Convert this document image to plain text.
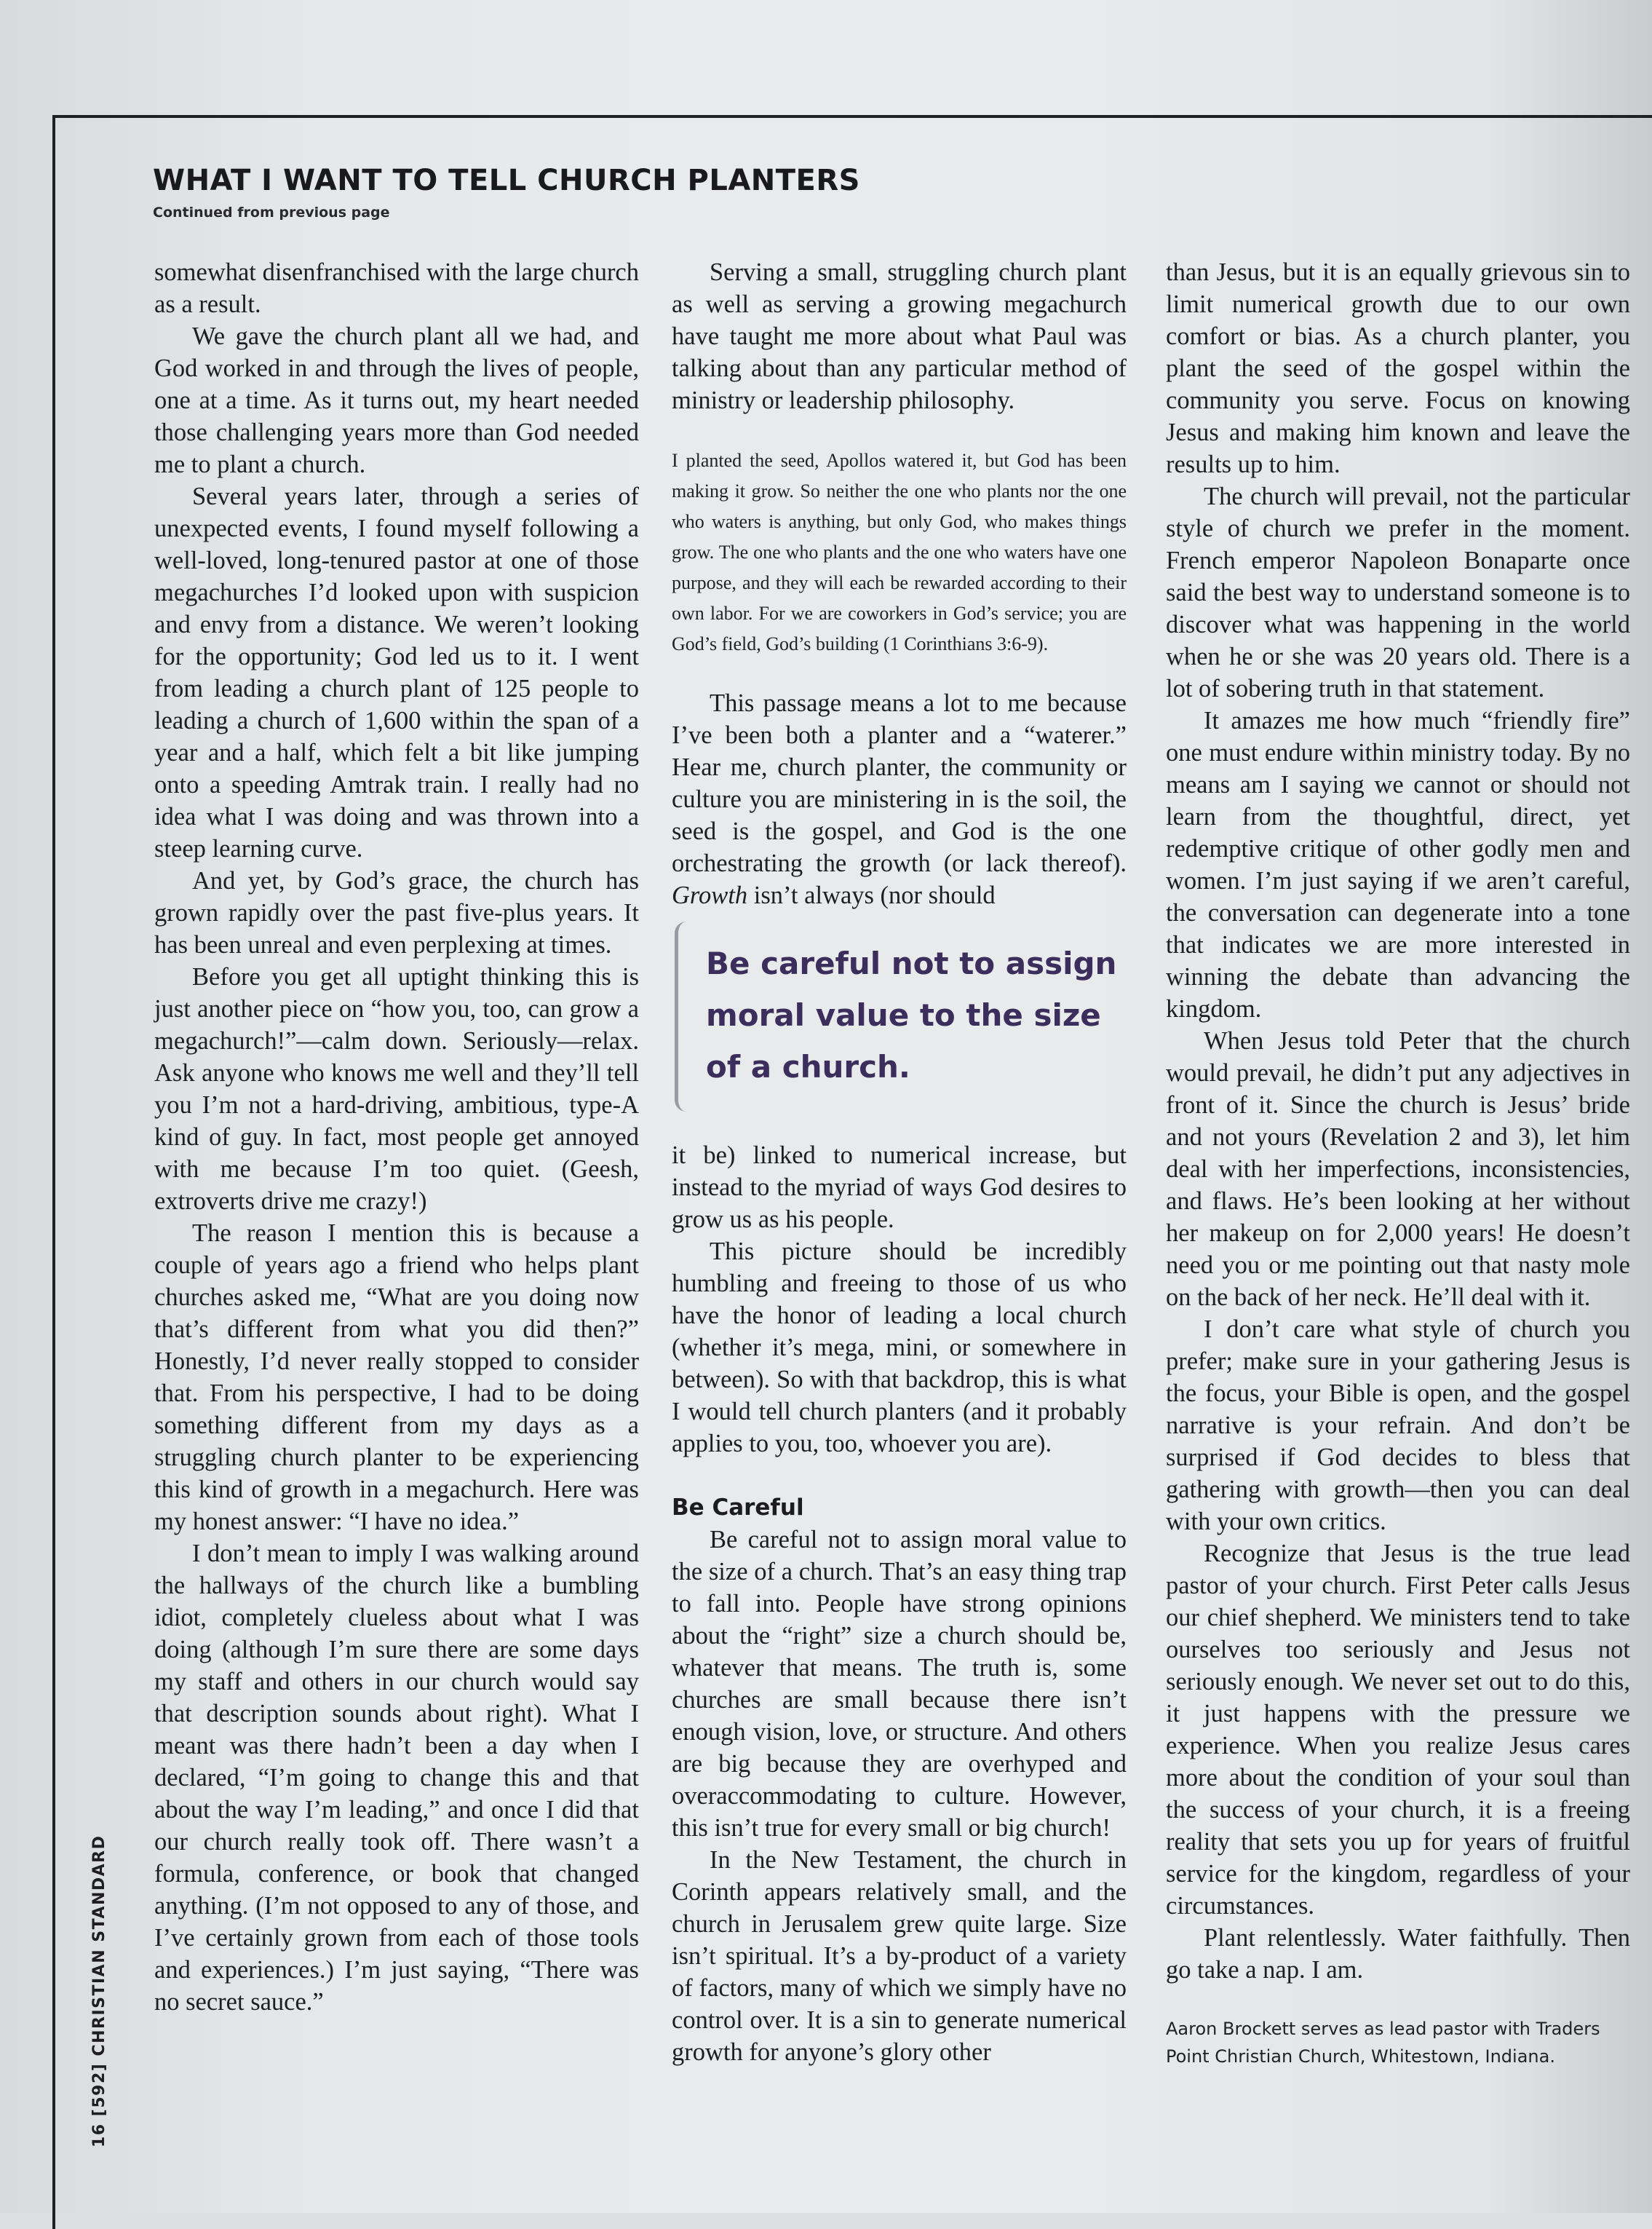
WHAT I WANT TO TELL CHURCH PLANTERS
Continued from previous page

somewhat disenfranchised with the large church as a result.

We gave the church plant all we had, and God worked in and through the lives of people, one at a time. As it turns out, my heart needed those challenging years more than God needed me to plant a church.

Several years later, through a series of unexpected events, I found myself following a well-loved, long-tenured pastor at one of those megachurches I’d looked upon with suspicion and envy from a distance. We weren’t looking for the opportunity; God led us to it. I went from leading a church plant of 125 people to leading a church of 1,600 within the span of a year and a half, which felt a bit like jumping onto a speeding Amtrak train. I really had no idea what I was doing and was thrown into a steep learning curve.

And yet, by God’s grace, the church has grown rapidly over the past five-plus years. It has been unreal and even perplexing at times.

Before you get all uptight thinking this is just another piece on “how you, too, can grow a megachurch!”—calm down. Seriously—relax. Ask anyone who knows me well and they’ll tell you I’m not a hard-driving, ambitious, type-A kind of guy. In fact, most people get annoyed with me because I’m too quiet. (Geesh, extroverts drive me crazy!)

The reason I mention this is because a couple of years ago a friend who helps plant churches asked me, “What are you doing now that’s different from what you did then?” Honestly, I’d never really stopped to consider that. From his perspective, I had to be doing something different from my days as a struggling church planter to be experiencing this kind of growth in a megachurch. Here was my honest answer: “I have no idea.”

I don’t mean to imply I was walking around the hallways of the church like a bumbling idiot, completely clueless about what I was doing (although I’m sure there are some days my staff and others in our church would say that description sounds about right). What I meant was there hadn’t been a day when I declared, “I’m going to change this and that about the way I’m leading,” and once I did that our church really took off. There wasn’t a formula, conference, or book that changed anything. (I’m not opposed to any of those, and I’ve certainly grown from each of those tools and experiences.) I’m just saying, “There was no secret sauce.”

Serving a small, struggling church plant as well as serving a growing megachurch have taught me more about what Paul was talking about than any particular method of ministry or leadership philosophy.

I planted the seed, Apollos watered it, but God has been making it grow. So neither the one who plants nor the one who waters is anything, but only God, who makes things grow. The one who plants and the one who waters have one purpose, and they will each be rewarded according to their own labor. For we are coworkers in God’s service; you are God’s field, God’s building (1 Corinthians 3:6-9).

This passage means a lot to me because I’ve been both a planter and a “waterer.” Hear me, church planter, the community or culture you are ministering in is the soil, the seed is the gospel, and God is the one orchestrating the growth (or lack thereof). Growth isn’t always (nor should

Be careful not to assign
moral value to the size
of a church.

it be) linked to numerical increase, but instead to the myriad of ways God desires to grow us as his people.

This picture should be incredibly humbling and freeing to those of us who have the honor of leading a local church (whether it’s mega, mini, or somewhere in between). So with that backdrop, this is what I would tell church planters (and it probably applies to you, too, whoever you are).

Be Careful

Be careful not to assign moral value to the size of a church. That’s an easy thing trap to fall into. People have strong opinions about the “right” size a church should be, whatever that means. The truth is, some churches are small because there isn’t enough vision, love, or structure. And others are big because they are overhyped and overaccommodating to culture. However, this isn’t true for every small or big church!

In the New Testament, the church in Corinth appears relatively small, and the church in Jerusalem grew quite large. Size isn’t spiritual. It’s a by-product of a variety of factors, many of which we simply have no control over. It is a sin to generate numerical growth for anyone’s glory other

than Jesus, but it is an equally grievous sin to limit numerical growth due to our own comfort or bias. As a church planter, you plant the seed of the gospel within the community you serve. Focus on knowing Jesus and making him known and leave the results up to him.

The church will prevail, not the particular style of church we prefer in the moment. French emperor Napoleon Bonaparte once said the best way to understand someone is to discover what was happening in the world when he or she was 20 years old. There is a lot of sobering truth in that statement.

It amazes me how much “friendly fire” one must endure within ministry today. By no means am I saying we cannot or should not learn from the thoughtful, direct, yet redemptive critique of other godly men and women. I’m just saying if we aren’t careful, the conversation can degenerate into a tone that indicates we are more interested in winning the debate than advancing the kingdom.

When Jesus told Peter that the church would prevail, he didn’t put any adjectives in front of it. Since the church is Jesus’ bride and not yours (Revelation 2 and 3), let him deal with her imperfections, inconsistencies, and flaws. He’s been looking at her without her makeup on for 2,000 years! He doesn’t need you or me pointing out that nasty mole on the back of her neck. He’ll deal with it.

I don’t care what style of church you prefer; make sure in your gathering Jesus is the focus, your Bible is open, and the gospel narrative is your refrain. And don’t be surprised if God decides to bless that gathering with growth—then you can deal with your own critics.

Recognize that Jesus is the true lead pastor of your church. First Peter calls Jesus our chief shepherd. We ministers tend to take ourselves too seriously and Jesus not seriously enough. We never set out to do this, it just happens with the pressure we experience. When you realize Jesus cares more about the condition of your soul than the success of your church, it is a freeing reality that sets you up for years of fruitful service for the kingdom, regardless of your circumstances.

Plant relentlessly. Water faithfully. Then go take a nap. I am.

Aaron Brockett serves as lead pastor with Traders Point Christian Church, Whitestown, Indiana.
16 [592] CHRISTIAN STANDARD
